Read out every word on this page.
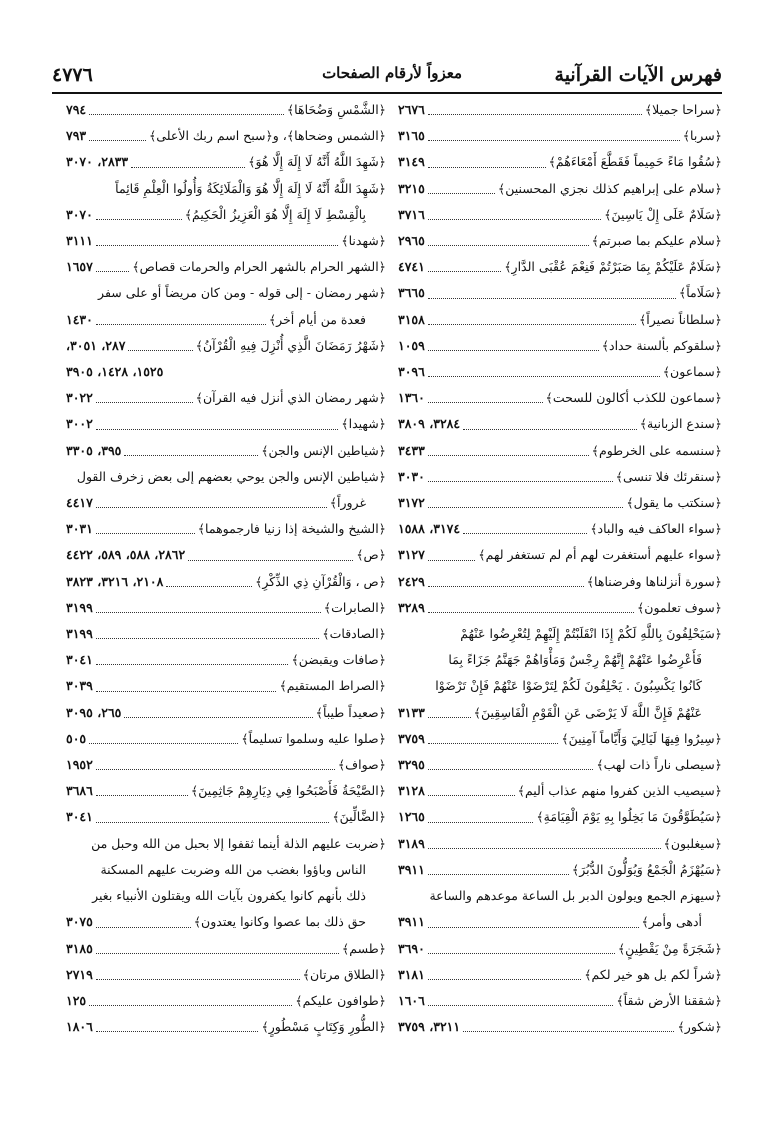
فهرس الآيات القرآنية
معزواً لأرقام الصفحات
٤٧٧٦
﴿سراحا جميلا﴾
٢٦٧٦
﴿سربا﴾
٣١٦٥
﴿سُقُوا مَاءً حَمِيماً فَقَطَّعَ أَمْعَاءَهُمْ﴾
٣١٤٩
﴿سلام على إبراهيم كذلك نجزي المحسنين﴾
٣٢١٥
﴿سَلَامٌ عَلَى إِلْ يَاسِينَ﴾
٣٧١٦
﴿سلام عليكم بما صبرتم﴾
٢٩٦٥
﴿سَلَامٌ عَلَيْكُمْ بِمَا صَبَرْتُمْ فَنِعْمَ عُقْبَى الدَّارِ﴾
٤٧٤١
﴿سَلَاماً﴾
٣٦٦٥
﴿سلطاناً نصيراً﴾
٣١٥٨
﴿سلقوكم بألسنة حداد﴾
١٠٥٩
﴿سماعون﴾
٣٠٩٦
﴿سماعون للكذب أكالون للسحت﴾
١٣٦٠
﴿سندع الزبانية﴾
٣٢٨٤، ٣٨٠٩
﴿سنسمه على الخرطوم﴾
٣٤٣٣
﴿سنقرئك فلا تنسى﴾
٣٠٣٠
﴿سنكتب ما يقول﴾
٣١٧٢
﴿سواء العاكف فيه والباد﴾
٣١٧٤، ١٥٨٨
﴿سواء عليهم أستغفرت لهم أم لم تستغفر لهم﴾
٣١٢٧
﴿سورة أنزلناها وفرضناها﴾
٢٤٢٩
﴿سوف تعلمون﴾
٣٢٨٩
﴿سَيَحْلِفُونَ بِاللَّهِ لَكُمْ إِذَا انْقَلَبْتُمْ إِلَيْهِمْ لِتُعْرِضُوا عَنْهُمْ
فَأَعْرِضُوا عَنْهُمْ إِنَّهُمْ رِجْسٌ وَمَأْوَاهُمْ جَهَنَّمُ جَزَاءً بِمَا
كَانُوا يَكْسِبُونَ . يَحْلِفُونَ لَكُمْ لِتَرْضَوْا عَنْهُمْ فَإِنْ تَرْضَوْا
عَنْهُمْ فَإِنَّ اللَّهَ لَا يَرْضَى عَنِ الْقَوْمِ الْفَاسِقِينَ﴾
٣١٣٣
﴿سِيرُوا فِيهَا لَيَالِيَ وَأَيَّاماً آمِنِينَ﴾
٣٧٥٩
﴿سيصلى ناراً ذات لهب﴾
٣٢٩٥
﴿سيصيب الذين كفروا منهم عذاب أليم﴾
٣١٢٨
﴿سَيُطَوَّقُونَ مَا بَخِلُوا بِهِ يَوْمَ الْقِيَامَةِ﴾
١٢٦٥
﴿سيغلبون﴾
٣١٨٩
﴿سَيُهْزَمُ الْجَمْعُ وَيُوَلُّونَ الدُّبُرَ﴾
٣٩١١
﴿سيهزم الجمع ويولون الدبر بل الساعة موعدهم والساعة
أدهى وأمر﴾
٣٩١١
﴿شَجَرَةً مِنْ يَقْطِينٍ﴾
٣٦٩٠
﴿شراً لكم بل هو خير لكم﴾
٣١٨١
﴿شققنا الأرض شقاً﴾
١٦٠٦
﴿شكور﴾
٣٢١١، ٣٧٥٩
﴿الشَّمْسِ وَضُحَاهَا﴾
٧٩٤
﴿الشمس وضحاها﴾، و﴿سبح اسم ربك الأعلى﴾
٧٩٣
﴿شَهِدَ اللَّهُ أَنَّهُ لَا إِلَهَ إِلَّا هُوَ﴾
٢٨٣٣، ٣٠٧٠
﴿شَهِدَ اللَّهُ أَنَّهُ لَا إِلَهَ إِلَّا هُوَ وَالْمَلَائِكَةُ وَأُولُوا الْعِلْمِ قَائِماً
بِالْقِسْطِ لَا إِلَهَ إِلَّا هُوَ الْعَزِيزُ الْحَكِيمُ﴾
٣٠٧٠
﴿شهدنا﴾
٣١١١
﴿الشهر الحرام بالشهر الحرام والحرمات قصاص﴾
١٦٥٧
﴿شهر رمضان - إلى قوله - ومن كان مريضاً أو على سفر
فعدة من أيام أخر﴾
١٤٣٠
﴿شَهْرُ رَمَضَانَ الَّذِي أُنْزِلَ فِيهِ الْقُرْآنُ﴾
٢٨٧، ٣٠٥١،
١٥٢٥، ١٤٢٨، ٣٩٠٥
﴿شهر رمضان الذي أنزل فيه القرآن﴾
٣٠٢٢
﴿شهيدا﴾
٣٠٠٢
﴿شياطين الإنس والجن﴾
٣٩٥، ٣٣٠٥
﴿شياطين الإنس والجن يوحي بعضهم إلى بعض زخرف القول
غروراً﴾
٤٤١٧
﴿الشيخ والشيخة إذا زنيا فارجموهما﴾
٣٠٣١
﴿ص﴾
٢٨٦٢، ٥٨٨، ٥٨٩، ٤٤٢٢
﴿ص ، وَالْقُرْآنِ ذِي الذِّكْرِ﴾
٢١٠٨، ٣٢١٦، ٣٨٢٣
﴿الصابرات﴾
٣١٩٩
﴿الصادقات﴾
٣١٩٩
﴿صافات ويقبضن﴾
٣٠٤١
﴿الصراط المستقيم﴾
٣٠٣٩
﴿صعيداً طيباً﴾
٢٦٥، ٣٠٩٥
﴿صلوا عليه وسلموا تسليماً﴾
٥٠٥
﴿صواف﴾
١٩٥٢
﴿الصَّيْحَةُ فَأَصْبَحُوا فِي دِيَارِهِمْ جَاثِمِينَ﴾
٣٦٨٦
﴿الضَّالِّينَ﴾
٣٠٤١
﴿ضربت عليهم الذلة أينما ثقفوا إلا بحبل من الله وحبل من
الناس وباؤوا بغضب من الله وضربت عليهم المسكنة
ذلك بأنهم كانوا يكفرون بآيات الله ويقتلون الأنبياء بغير
حق ذلك بما عصوا وكانوا يعتدون﴾
٣٠٧٥
﴿طسم﴾
٣١٨٥
﴿الطلاق مرتان﴾
٢٧١٩
﴿طوافون عليكم﴾
١٢٥
﴿الطُّورِ وَكِتَابٍ مَسْطُورٍ﴾
١٨٠٦
